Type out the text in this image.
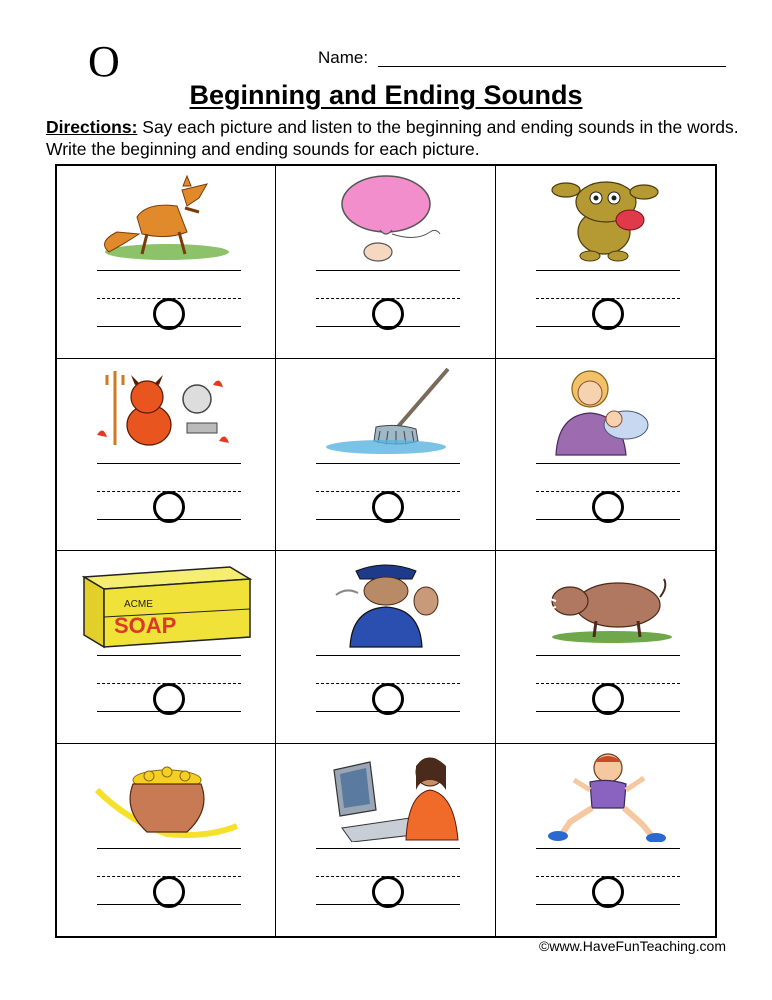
O	Name:
Beginning and Ending Sounds
Directions: Say each picture and listen to the beginning and ending sounds in the words. Write the beginning and ending sounds for each picture.
ACME
SOAP
©www.HaveFunTeaching.com
